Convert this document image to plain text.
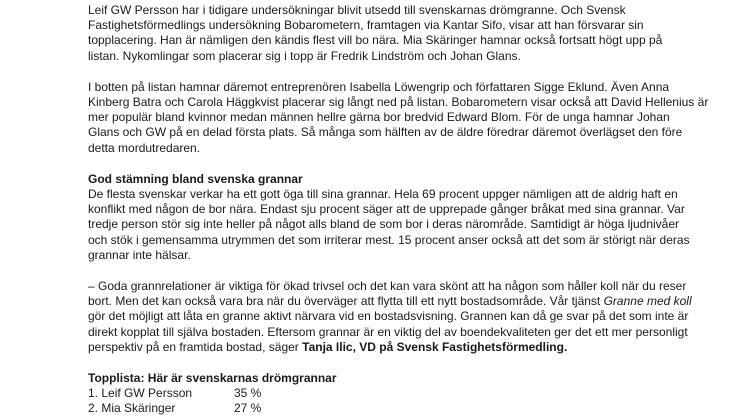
Leif GW Persson har i tidigare undersökningar blivit utsedd till svenskarnas drömgranne. Och Svensk
Fastighetsförmedlings undersökning Bobarometern, framtagen via Kantar Sifo, visar att han försvarar sin
topplacering. Han är nämligen den kändis flest vill bo nära. Mia Skäringer hamnar också fortsatt högt upp på
listan. Nykomlingar som placerar sig i topp är Fredrik Lindström och Johan Glans.

I botten på listan hamnar däremot entreprenören Isabella Löwengrip och författaren Sigge Eklund. Även Anna
Kinberg Batra och Carola Häggkvist placerar sig långt ned på listan. Bobarometern visar också att David Hellenius är
mer populär bland kvinnor medan männen hellre gärna bor bredvid Edward Blom. För de unga hamnar Johan
Glans och GW på en delad första plats. Så många som hälften av de äldre föredrar däremot överlägset den före
detta mordutredaren.

God stämning bland svenska grannar

De flesta svenskar verkar ha ett gott öga till sina grannar. Hela 69 procent uppger nämligen att de aldrig haft en
konflikt med någon de bor nära. Endast sju procent säger att de upprepade gånger bråkat med sina grannar. Var
tredje person stör sig inte heller på något alls bland de som bor i deras närområde. Samtidigt är höga ljudnivåer
och stök i gemensamma utrymmen det som irriterar mest. 15 procent anser också att det som är störigt när deras
grannar inte hälsar.

– Goda grannrelationer är viktiga för ökad trivsel och det kan vara skönt att ha någon som håller koll när du reser
bort. Men det kan också vara bra när du överväger att flytta till ett nytt bostadsområde. Vår tjänst Granne med koll
gör det möjligt att låta en granne aktivt närvara vid en bostadsvisning. Grannen kan då ge svar på det som inte är
direkt kopplat till själva bostaden. Eftersom grannar är en viktig del av boendekvaliteten ger det ett mer personligt
perspektiv på en framtida bostad, säger Tanja Ilic, VD på Svensk Fastighetsförmedling.

Topplista: Här är svenskarnas drömgrannar
1. Leif GW Persson	35 %
2. Mia Skäringer	27 %
